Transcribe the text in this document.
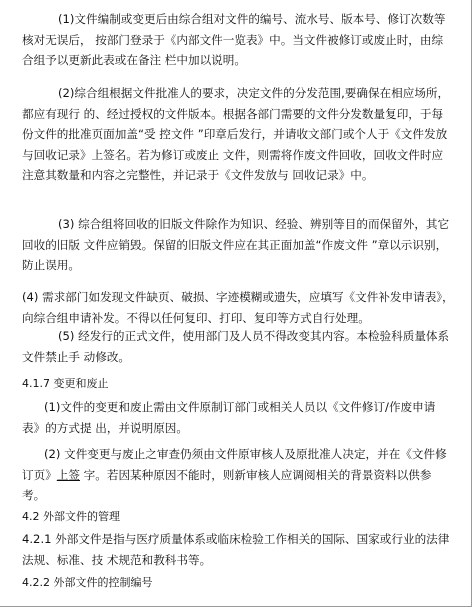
(1)文件编制或变更后由综合组对文件的编号、流水号、版本号、修订次数等核对无误后， 按部门登录于《内部文件一览表》中。当文件被修订或废止时，由综合组予以更新此表或在备注 栏中加以说明。
(2)综合组根据文件批准人的要求，决定文件的分发范围,要确保在相应场所，都应有现行 的、经过授权的文件版本。根据各部门需要的文件分发数量复印，于每份文件的批准页面加盖“受 控文件 ”印章后发行，并请收文部门或个人于《文件发放与回收记录》上签名。若为修订或废止 文件，则需将作废文件回收，回收文件时应注意其数量和内容之完整性，并记录于《文件发放与 回收记录》中。
(3) 综合组将回收的旧版文件除作为知识、经验、辨别等目的而保留外，其它回收的旧版 文件应销毁。保留的旧版文件应在其正面加盖“作废文件 ”章以示识别，防止误用。
(4) 需求部门如发现文件缺页、破损、字迹模糊或遗失，应填写《文件补发申请表》，向综合组申请补发。不得以任何复印、打印、复印等方式自行处理。
(5) 经发行的正式文件，使用部门及人员不得改变其内容。本检验科质量体系文件禁止手 动修改。
4.1.7 变更和废止
(1)文件的变更和废止需由文件原制订部门或相关人员以《文件修订/作废申请表》的方式提 出，并说明原因。
(2) 文件变更与废止之审查仍须由文件原审核人及原批准人决定，并在《文件修订页》上签 字。若因某种原因不能时，则新审核人应调阅相关的背景资料以供参考。
4.2 外部文件的管理
4.2.1 外部文件是指与医疗质量体系或临床检验工作相关的国际、国家或行业的法律法规、标准、技 术规范和教科书等。
4.2.2 外部文件的控制编号
